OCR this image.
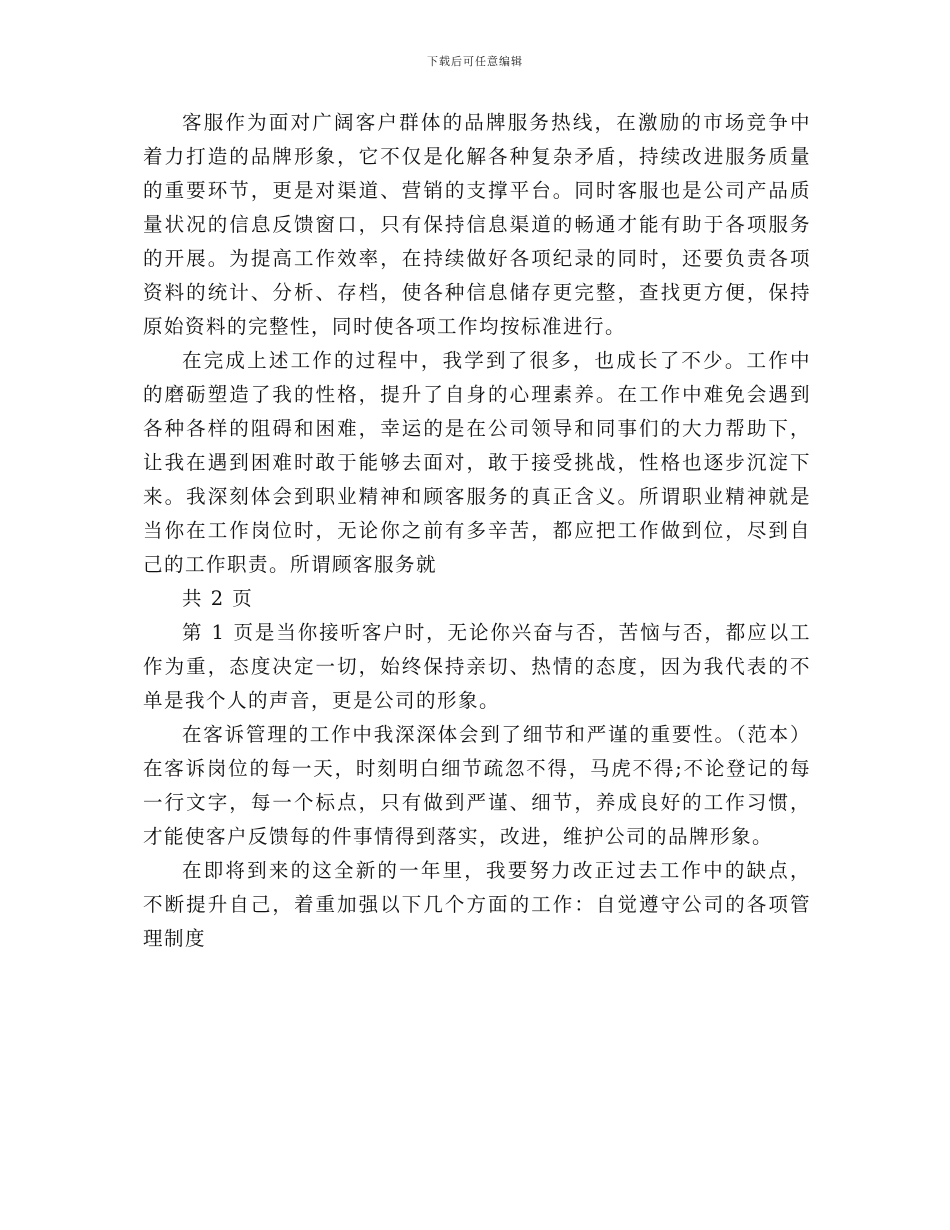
下载后可任意编辑

客服作为面对广阔客户群体的品牌服务热线，在激励的市场竞争中着力打造的品牌形象，它不仅是化解各种复杂矛盾，持续改进服务质量的重要环节，更是对渠道、营销的支撑平台。同时客服也是公司产品质量状况的信息反馈窗口，只有保持信息渠道的畅通才能有助于各项服务的开展。为提高工作效率，在持续做好各项纪录的同时，还要负责各项资料的统计、分析、存档，使各种信息储存更完整，查找更方便，保持原始资料的完整性，同时使各项工作均按标准进行。

在完成上述工作的过程中，我学到了很多，也成长了不少。工作中的磨砺塑造了我的性格，提升了自身的心理素养。在工作中难免会遇到各种各样的阻碍和困难，幸运的是在公司领导和同事们的大力帮助下，让我在遇到困难时敢于能够去面对，敢于接受挑战，性格也逐步沉淀下来。我深刻体会到职业精神和顾客服务的真正含义。所谓职业精神就是当你在工作岗位时，无论你之前有多辛苦，都应把工作做到位，尽到自己的工作职责。所谓顾客服务就

共 2 页

第 1 页是当你接听客户时，无论你兴奋与否，苦恼与否，都应以工作为重，态度决定一切，始终保持亲切、热情的态度，因为我代表的不单是我个人的声音，更是公司的形象。

在客诉管理的工作中我深深体会到了细节和严谨的重要性。（范本）在客诉岗位的每一天，时刻明白细节疏忽不得，马虎不得;不论登记的每一行文字，每一个标点，只有做到严谨、细节，养成良好的工作习惯，才能使客户反馈每的件事情得到落实，改进，维护公司的品牌形象。

在即将到来的这全新的一年里，我要努力改正过去工作中的缺点，不断提升自己，着重加强以下几个方面的工作：自觉遵守公司的各项管理制度
